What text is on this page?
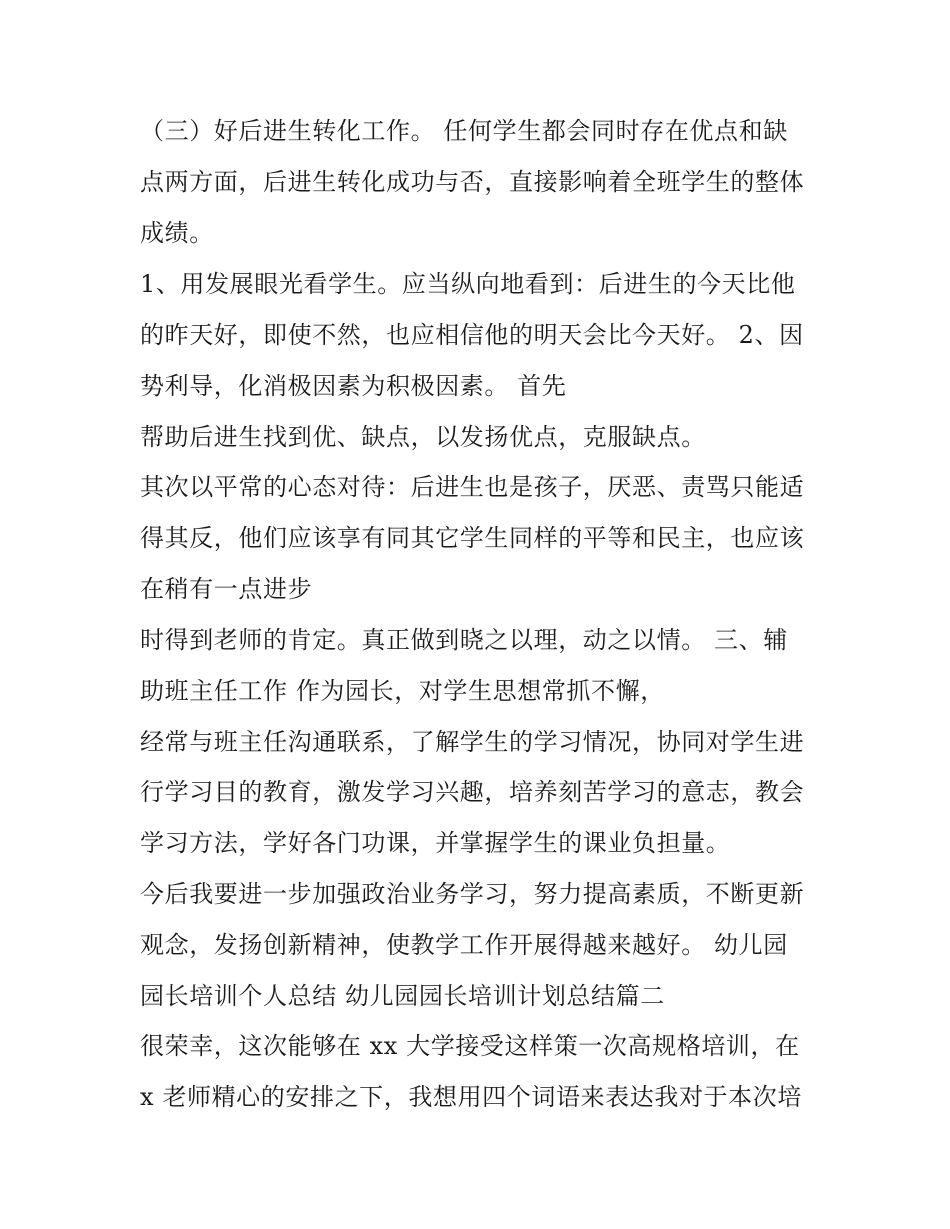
（三）好后进生转化工作。 任何学生都会同时存在优点和缺
点两方面，后进生转化成功与否，直接影响着全班学生的整体
成绩。
1、用发展眼光看学生。应当纵向地看到：后进生的今天比他
的昨天好，即使不然，也应相信他的明天会比今天好。 2、因
势利导，化消极因素为积极因素。 首先
帮助后进生找到优、缺点，以发扬优点，克服缺点。
其次以平常的心态对待：后进生也是孩子，厌恶、责骂只能适
得其反，他们应该享有同其它学生同样的平等和民主，也应该
在稍有一点进步
时得到老师的肯定。真正做到晓之以理，动之以情。 三、辅
助班主任工作 作为园长，对学生思想常抓不懈，
经常与班主任沟通联系，了解学生的学习情况，协同对学生进
行学习目的教育，激发学习兴趣，培养刻苦学习的意志，教会
学习方法，学好各门功课，并掌握学生的课业负担量。
今后我要进一步加强政治业务学习，努力提高素质，不断更新
观念，发扬创新精神，使教学工作开展得越来越好。 幼儿园
园长培训个人总结 幼儿园园长培训计划总结篇二
很荣幸，这次能够在 xx 大学接受这样策一次高规格培训，在
x 老师精心的安排之下，我想用四个词语来表达我对于本次培
